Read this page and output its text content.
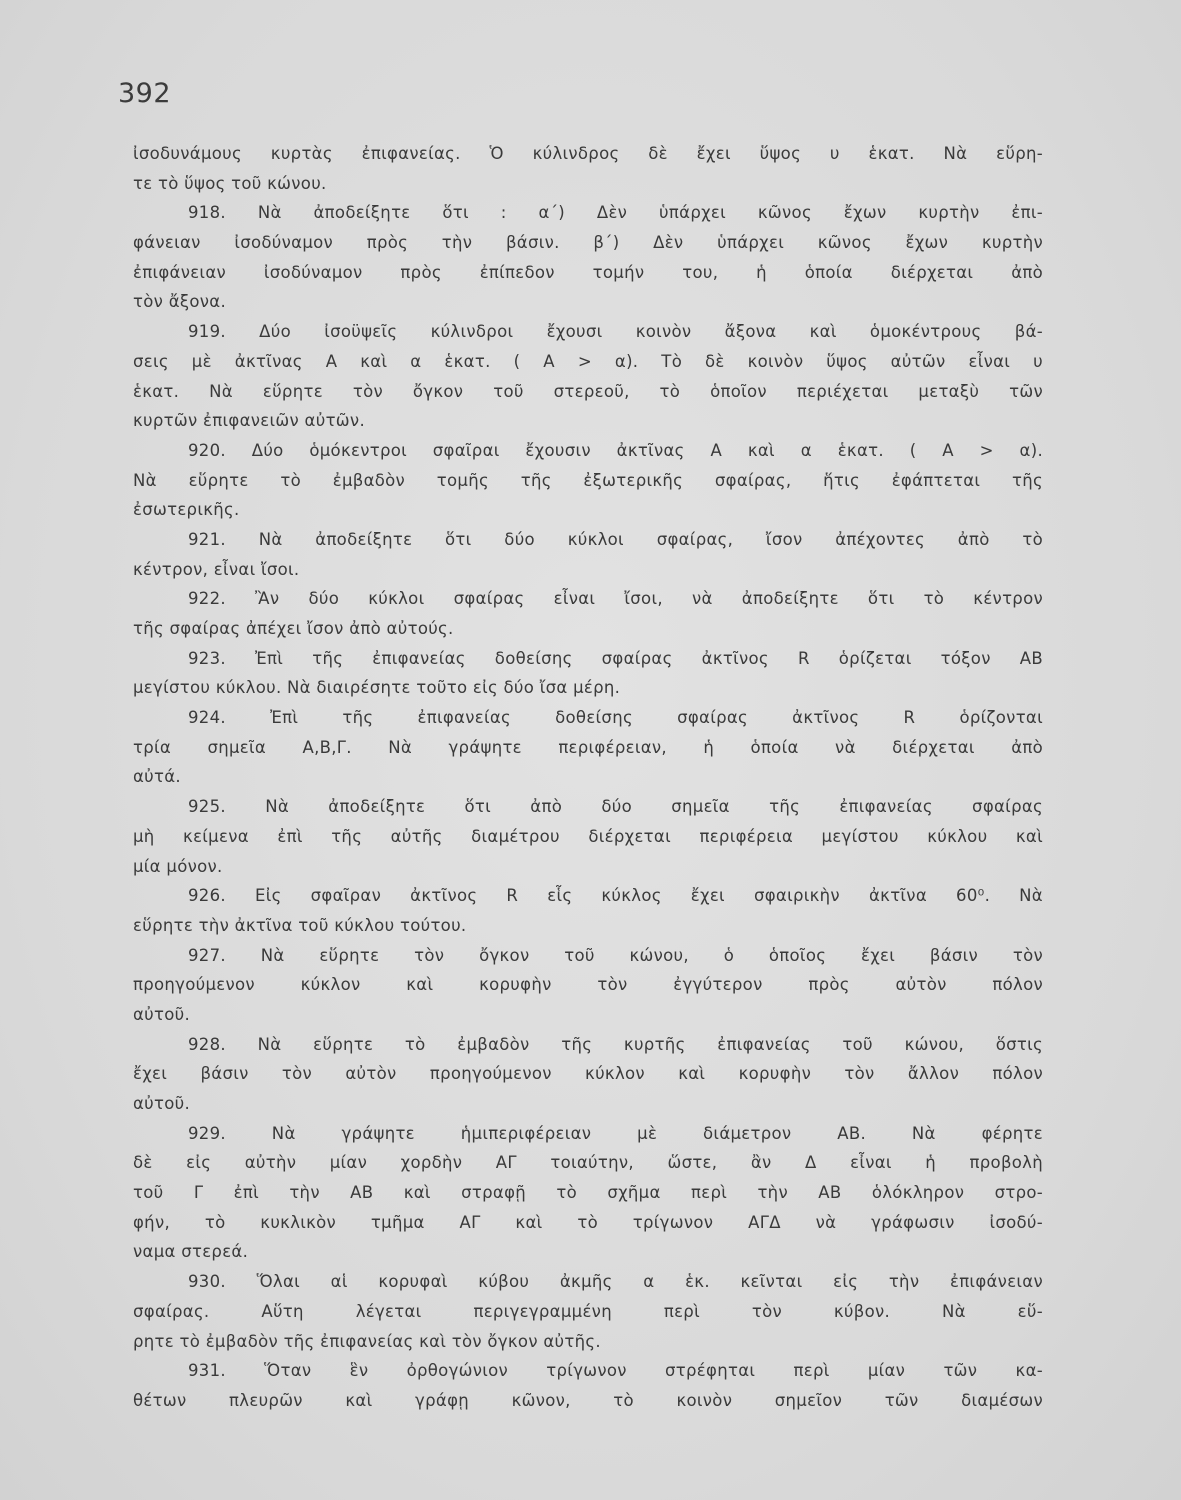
392
ἰσοδυνάμους κυρτὰς ἐπιφανείας. Ὁ κύλινδρος δὲ ἔχει ὕψος υ ἑκατ. Νὰ εὕρη-
τε τὸ ὕψος τοῦ κώνου.
918. Νὰ ἀποδείξητε ὅτι : α΄) Δὲν ὑπάρχει κῶνος ἔχων κυρτὴν ἐπι-
φάνειαν ἰσοδύναμον πρὸς τὴν βάσιν. β΄) Δὲν ὑπάρχει κῶνος ἔχων κυρτὴν
ἐπιφάνειαν ἰσοδύναμον πρὸς ἐπίπεδον τομήν του, ἡ ὁποία διέρχεται ἀπὸ
τὸν ἄξονα.
919. Δύο ἰσοϋψεῖς κύλινδροι ἔχουσι κοινὸν ἄξονα καὶ ὁμοκέντρους βά-
σεις μὲ ἀκτῖνας Α καὶ α ἑκατ. ( Α > α). Τὸ δὲ κοινὸν ὕψος αὐτῶν εἶναι υ
ἑκατ. Νὰ εὕρητε τὸν ὄγκον τοῦ στερεοῦ, τὸ ὁποῖον περιέχεται μεταξὺ τῶν
κυρτῶν ἐπιφανειῶν αὐτῶν.
920. Δύο ὁμόκεντροι σφαῖραι ἔχουσιν ἀκτῖνας Α καὶ α ἑκατ. ( Α > α).
Νὰ εὕρητε τὸ ἐμβαδὸν τομῆς τῆς ἐξωτερικῆς σφαίρας, ἥτις ἐφάπτεται τῆς
ἐσωτερικῆς.
921. Νὰ ἀποδείξητε ὅτι δύο κύκλοι σφαίρας, ἴσον ἀπέχοντες ἀπὸ τὸ
κέντρον, εἶναι ἴσοι.
922. Ἂν δύο κύκλοι σφαίρας εἶναι ἴσοι, νὰ ἀποδείξητε ὅτι τὸ κέντρον
τῆς σφαίρας ἀπέχει ἴσον ἀπὸ αὐτούς.
923. Ἐπὶ τῆς ἐπιφανείας δοθείσης σφαίρας ἀκτῖνος R ὁρίζεται τόξον ΑΒ
μεγίστου κύκλου. Νὰ διαιρέσητε τοῦτο εἰς δύο ἴσα μέρη.
924. Ἐπὶ τῆς ἐπιφανείας δοθείσης σφαίρας ἀκτῖνος R ὁρίζονται
τρία σημεῖα Α,Β,Γ. Νὰ γράψητε περιφέρειαν, ἡ ὁποία νὰ διέρχεται ἀπὸ
αὐτά.
925. Νὰ ἀποδείξητε ὅτι ἀπὸ δύο σημεῖα τῆς ἐπιφανείας σφαίρας
μὴ κείμενα ἐπὶ τῆς αὐτῆς διαμέτρου διέρχεται περιφέρεια μεγίστου κύκλου καὶ
μία μόνον.
926. Εἰς σφαῖραν ἀκτῖνος R εἷς κύκλος ἔχει σφαιρικὴν ἀκτῖνα 60⁰. Νὰ
εὕρητε τὴν ἀκτῖνα τοῦ κύκλου τούτου.
927. Νὰ εὕρητε τὸν ὄγκον τοῦ κώνου, ὁ ὁποῖος ἔχει βάσιν τὸν
προηγούμενον κύκλον καὶ κορυφὴν τὸν ἐγγύτερον πρὸς αὐτὸν πόλον
αὐτοῦ.
928. Νὰ εὕρητε τὸ ἐμβαδὸν τῆς κυρτῆς ἐπιφανείας τοῦ κώνου, ὅστις
ἔχει βάσιν τὸν αὐτὸν προηγούμενον κύκλον καὶ κορυφὴν τὸν ἄλλον πόλον
αὐτοῦ.
929. Νὰ γράψητε ἡμιπεριφέρειαν μὲ διάμετρον ΑΒ. Νὰ φέρητε
δὲ εἰς αὐτὴν μίαν χορδὴν ΑΓ τοιαύτην, ὥστε, ἂν Δ εἶναι ἡ προβολὴ
τοῦ Γ ἐπὶ τὴν ΑΒ καὶ στραφῇ τὸ σχῆμα περὶ τὴν ΑΒ ὁλόκληρον στρο-
φήν, τὸ κυκλικὸν τμῆμα ΑΓ καὶ τὸ τρίγωνον ΑΓΔ νὰ γράφωσιν ἰσοδύ-
ναμα στερεά.
930. Ὅλαι αἱ κορυφαὶ κύβου ἀκμῆς α ἑκ. κεῖνται εἰς τὴν ἐπιφάνειαν
σφαίρας. Αὕτη λέγεται περιγεγραμμένη περὶ τὸν κύβον. Νὰ εὕ-
ρητε τὸ ἐμβαδὸν τῆς ἐπιφανείας καὶ τὸν ὄγκον αὐτῆς.
931. Ὅταν ἓν ὀρθογώνιον τρίγωνον στρέφηται περὶ μίαν τῶν κα-
θέτων πλευρῶν καὶ γράφῃ κῶνον, τὸ κοινὸν σημεῖον τῶν διαμέσων
